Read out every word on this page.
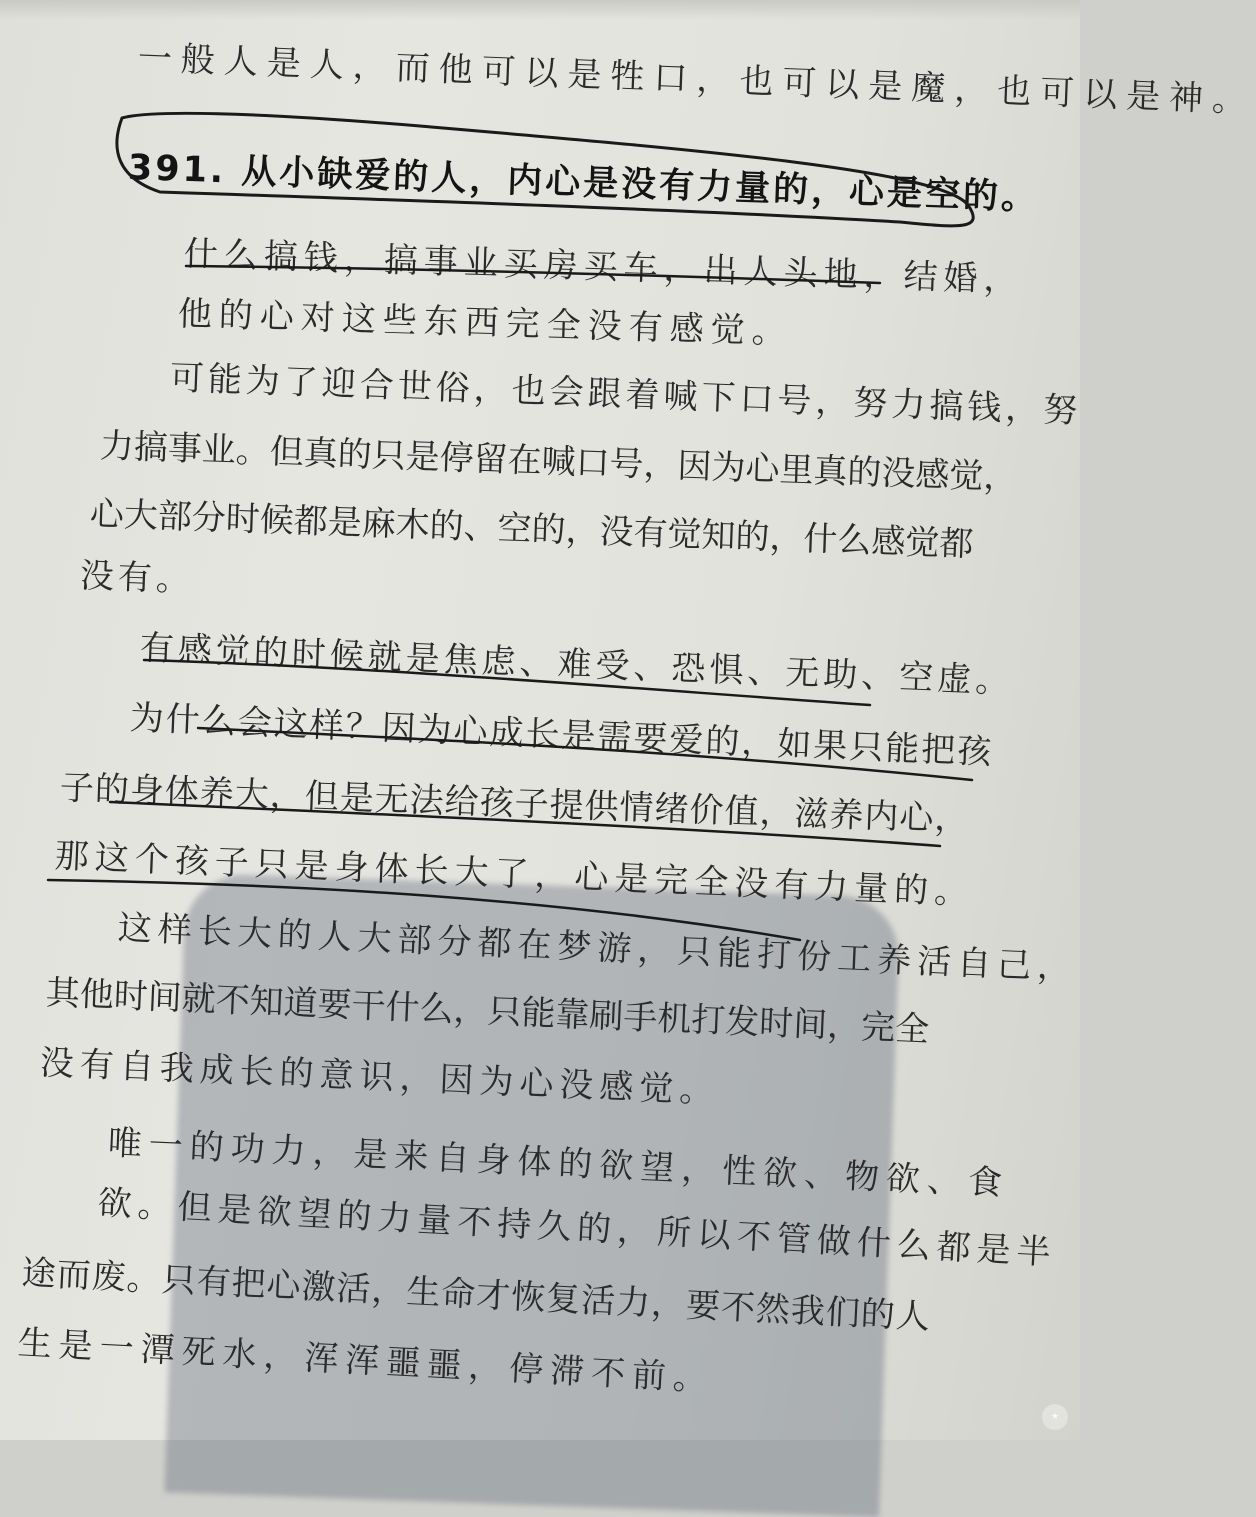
一般人是人，而他可以是牲口，也可以是魔，也可以是神。
391. 从小缺爱的人，内心是没有力量的，心是空的。
什么搞钱，搞事业买房买车，出人头地，结婚，
他的心对这些东西完全没有感觉。
可能为了迎合世俗，也会跟着喊下口号，努力搞钱，努
力搞事业。但真的只是停留在喊口号，因为心里真的没感觉，
心大部分时候都是麻木的、空的，没有觉知的，什么感觉都
没有。
有感觉的时候就是焦虑、难受、恐惧、无助、空虚。
为什么会这样？因为心成长是需要爱的，如果只能把孩
子的身体养大，但是无法给孩子提供情绪价值，滋养内心，
那这个孩子只是身体长大了，心是完全没有力量的。
这样长大的人大部分都在梦游，只能打份工养活自己，
其他时间就不知道要干什么，只能靠刷手机打发时间，完全
没有自我成长的意识，因为心没感觉。
唯一的功力，是来自身体的欲望，性欲、物欲、食
欲。但是欲望的力量不持久的，所以不管做什么都是半
途而废。只有把心激活，生命才恢复活力，要不然我们的人
生是一潭死水，浑浑噩噩，停滞不前。
★
